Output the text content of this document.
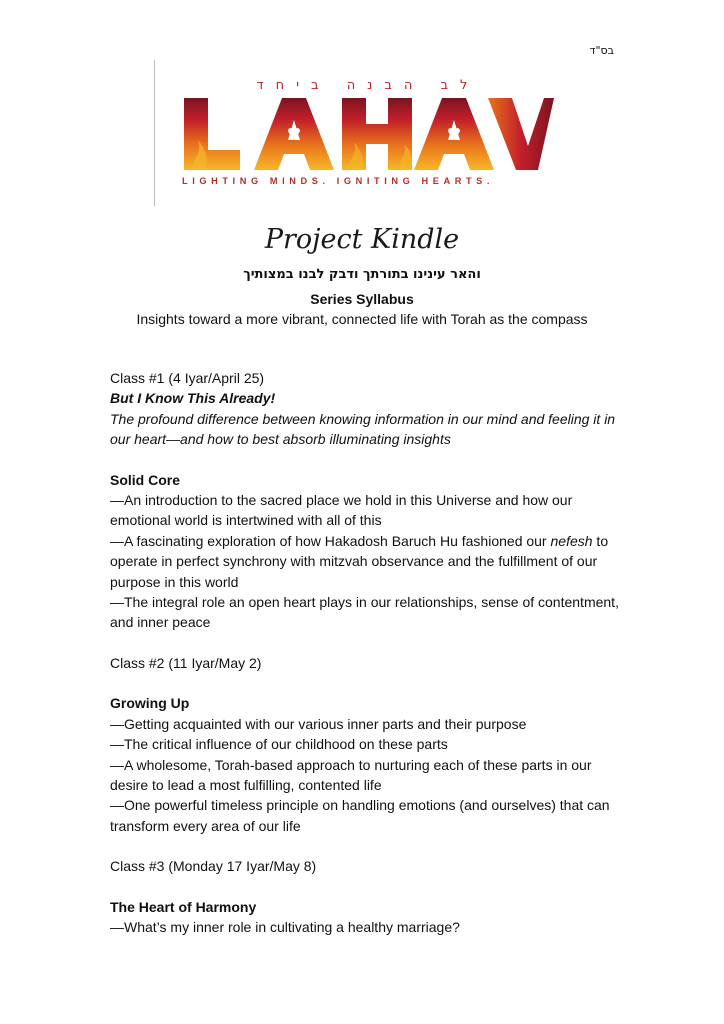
בס"ד
לב הבנה ביחד
LIGHTING MINDS. IGNITING HEARTS.
Project Kindle
והאר עינינו בתורתך ודבק לבנו במצותיך
Series Syllabus
Insights toward a more vibrant, connected life with Torah as the compass

Class #1 (4 Iyar/April 25)

But I Know This Already!

The profound difference between knowing information in our mind and feeling it in our heart—and how to best absorb illuminating insights

Solid Core

—An introduction to the sacred place we hold in this Universe and how our emotional world is intertwined with all of this

—A fascinating exploration of how Hakadosh Baruch Hu fashioned our nefesh to operate in perfect synchrony with mitzvah observance and the fulfillment of our purpose in this world

—The integral role an open heart plays in our relationships, sense of contentment, and inner peace

Class #2 (11 Iyar/May 2)

Growing Up

—Getting acquainted with our various inner parts and their purpose

—The critical influence of our childhood on these parts

—A wholesome, Torah-based approach to nurturing each of these parts in our desire to lead a most fulfilling, contented life

—One powerful timeless principle on handling emotions (and ourselves) that can transform every area of our life

Class #3 (Monday 17 Iyar/May 8)

The Heart of Harmony

—What’s my inner role in cultivating a healthy marriage?
